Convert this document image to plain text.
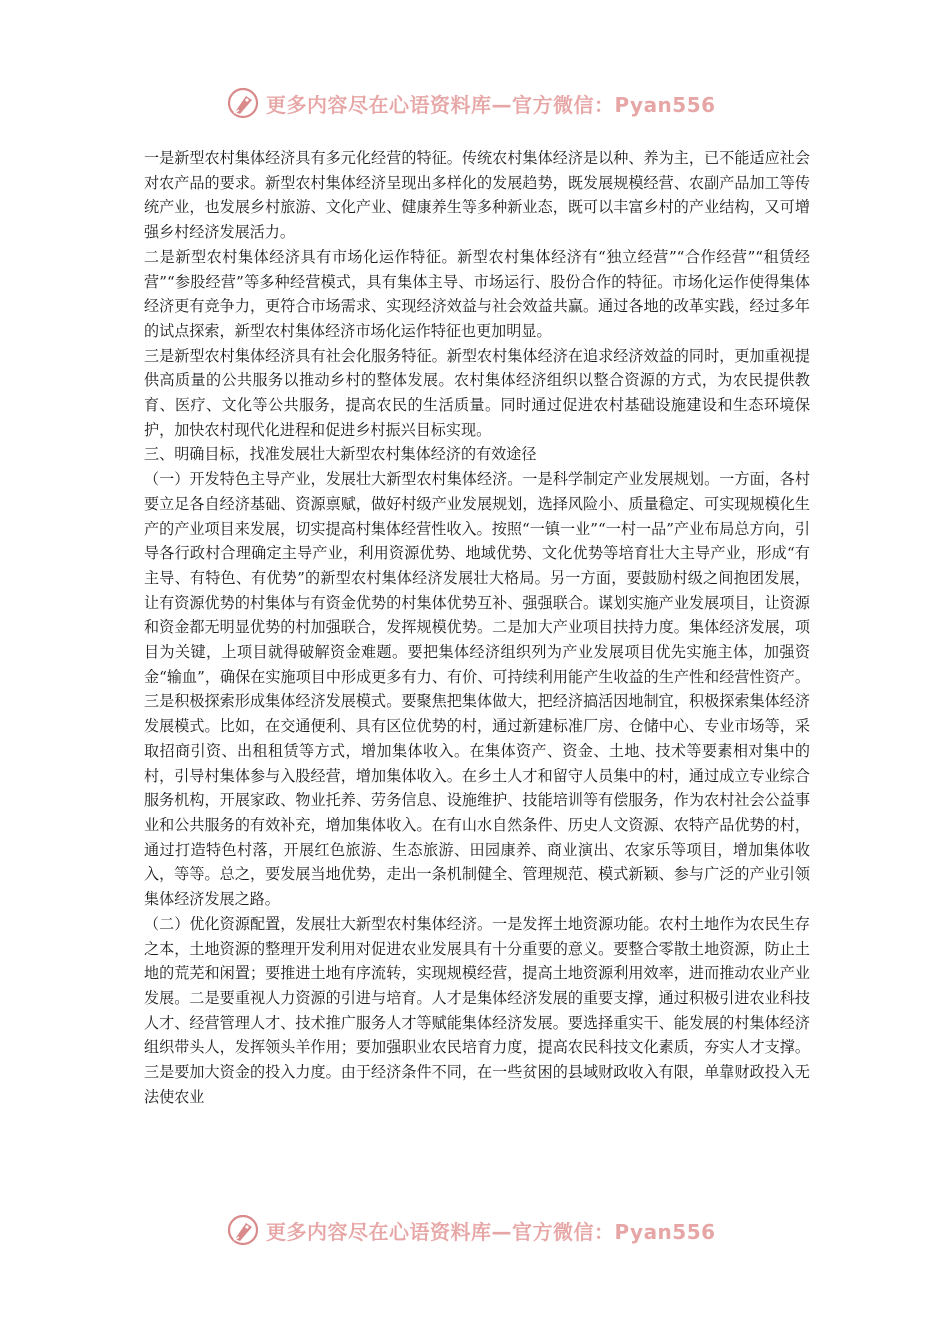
更多内容尽在心语资料库—官方微信：Pyan556

一是新型农村集体经济具有多元化经营的特征。传统农村集体经济是以种、养为主，已不能适应社会对农产品的要求。新型农村集体经济呈现出多样化的发展趋势，既发展规模经营、农副产品加工等传统产业，也发展乡村旅游、文化产业、健康养生等多种新业态，既可以丰富乡村的产业结构，又可增强乡村经济发展活力。

二是新型农村集体经济具有市场化运作特征。新型农村集体经济有“独立经营”“合作经营”“租赁经营”“参股经营”等多种经营模式，具有集体主导、市场运行、股份合作的特征。市场化运作使得集体经济更有竞争力，更符合市场需求、实现经济效益与社会效益共赢。通过各地的改革实践，经过多年的试点探索，新型农村集体经济市场化运作特征也更加明显。

三是新型农村集体经济具有社会化服务特征。新型农村集体经济在追求经济效益的同时，更加重视提供高质量的公共服务以推动乡村的整体发展。农村集体经济组织以整合资源的方式，为农民提供教育、医疗、文化等公共服务，提高农民的生活质量。同时通过促进农村基础设施建设和生态环境保护，加快农村现代化进程和促进乡村振兴目标实现。

三、明确目标，找准发展壮大新型农村集体经济的有效途径

（一）开发特色主导产业，发展壮大新型农村集体经济。一是科学制定产业发展规划。一方面，各村要立足各自经济基础、资源禀赋，做好村级产业发展规划，选择风险小、质量稳定、可实现规模化生产的产业项目来发展，切实提高村集体经营性收入。按照“一镇一业”“一村一品”产业布局总方向，引导各行政村合理确定主导产业，利用资源优势、地域优势、文化优势等培育壮大主导产业，形成“有主导、有特色、有优势”的新型农村集体经济发展壮大格局。另一方面，要鼓励村级之间抱团发展，让有资源优势的村集体与有资金优势的村集体优势互补、强强联合。谋划实施产业发展项目，让资源和资金都无明显优势的村加强联合，发挥规模优势。二是加大产业项目扶持力度。集体经济发展，项目为关键，上项目就得破解资金难题。要把集体经济组织列为产业发展项目优先实施主体，加强资金“输血”，确保在实施项目中形成更多有力、有价、可持续利用能产生收益的生产性和经营性资产。三是积极探索形成集体经济发展模式。要聚焦把集体做大，把经济搞活因地制宜，积极探索集体经济发展模式。比如，在交通便利、具有区位优势的村，通过新建标准厂房、仓储中心、专业市场等，采取招商引资、出租租赁等方式，增加集体收入。在集体资产、资金、土地、技术等要素相对集中的村，引导村集体参与入股经营，增加集体收入。在乡土人才和留守人员集中的村，通过成立专业综合服务机构，开展家政、物业托养、劳务信息、设施维护、技能培训等有偿服务，作为农村社会公益事业和公共服务的有效补充，增加集体收入。在有山水自然条件、历史人文资源、农特产品优势的村，通过打造特色村落，开展红色旅游、生态旅游、田园康养、商业演出、农家乐等项目，增加集体收入，等等。总之，要发展当地优势，走出一条机制健全、管理规范、模式新颖、参与广泛的产业引领集体经济发展之路。

（二）优化资源配置，发展壮大新型农村集体经济。一是发挥土地资源功能。农村土地作为农民生存之本，土地资源的整理开发利用对促进农业发展具有十分重要的意义。要整合零散土地资源，防止土地的荒芜和闲置；要推进土地有序流转，实现规模经营，提高土地资源利用效率，进而推动农业产业发展。二是要重视人力资源的引进与培育。人才是集体经济发展的重要支撑，通过积极引进农业科技人才、经营管理人才、技术推广服务人才等赋能集体经济发展。要选择重实干、能发展的村集体经济组织带头人，发挥领头羊作用；要加强职业农民培育力度，提高农民科技文化素质，夯实人才支撑。三是要加大资金的投入力度。由于经济条件不同，在一些贫困的县域财政收入有限，单靠财政投入无法使农业

更多内容尽在心语资料库—官方微信：Pyan556
